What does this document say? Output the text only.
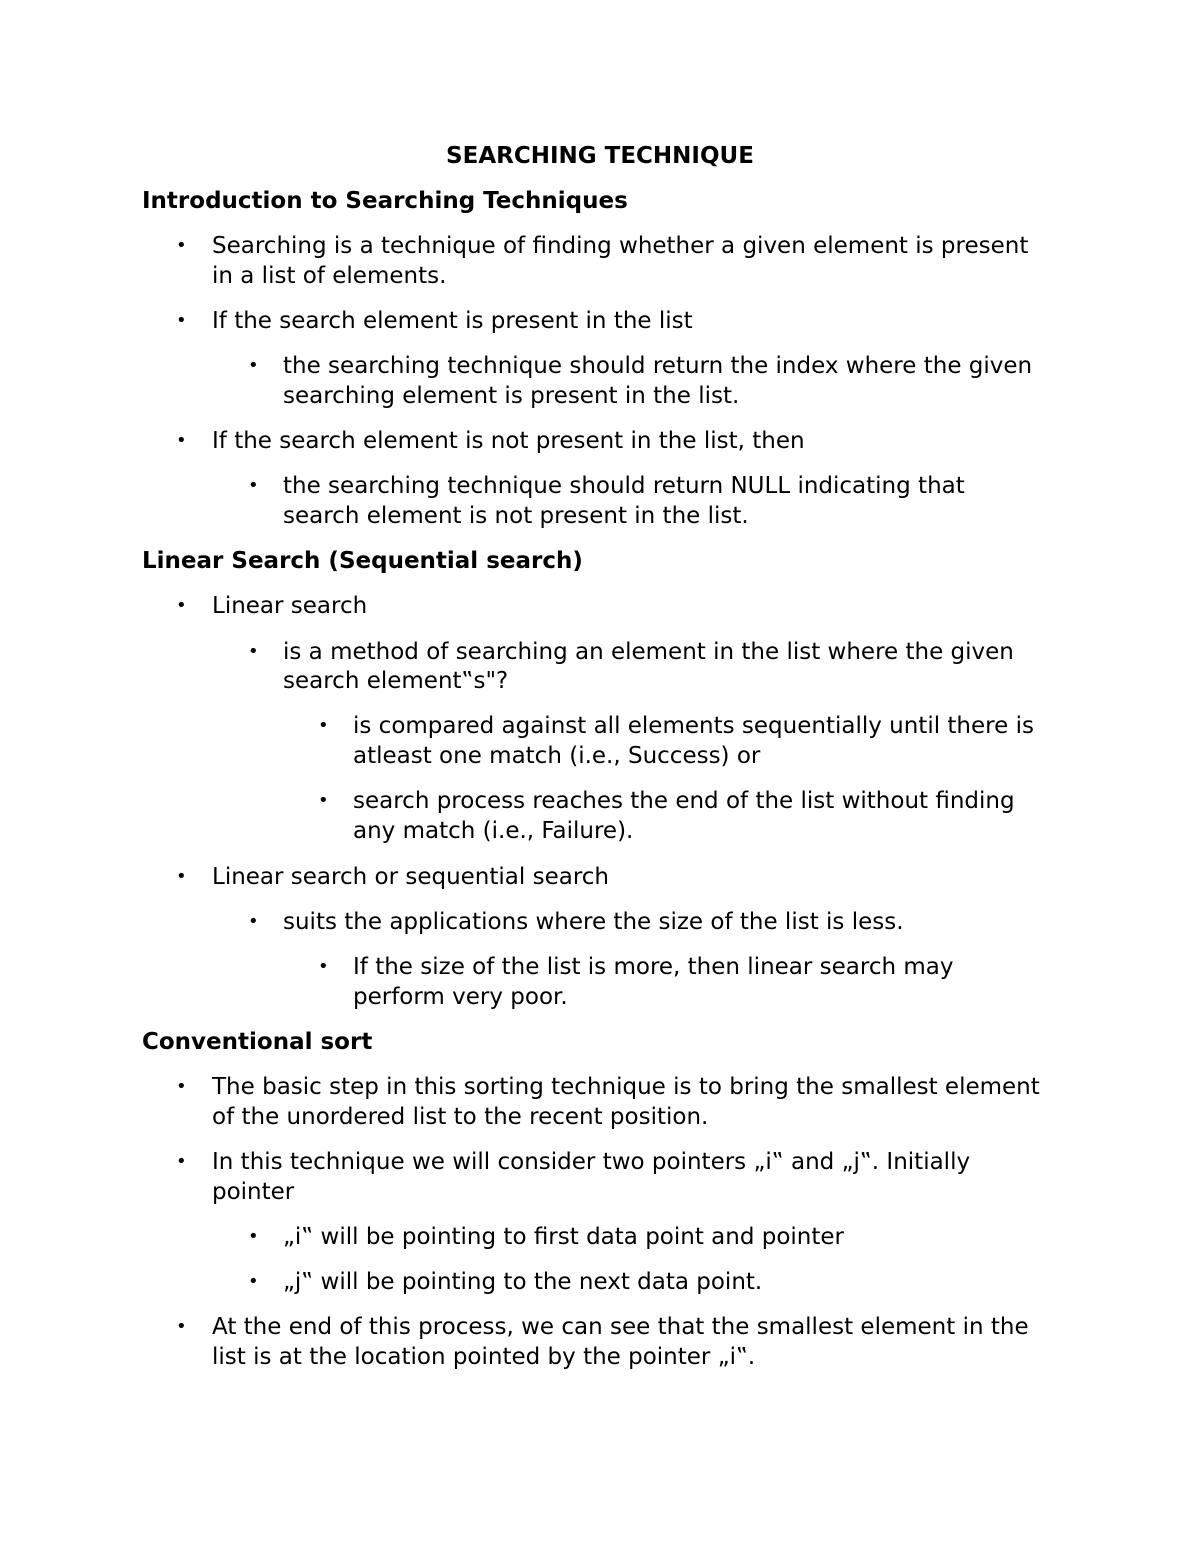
SEARCHING TECHNIQUE
Introduction to Searching Techniques
• Searching is a technique of finding whether a given element is present
in a list of elements.
• If the search element is present in the list
• the searching technique should return the index where the given
searching element is present in the list.
• If the search element is not present in the list, then
• the searching technique should return NULL indicating that
search element is not present in the list.
Linear Search (Sequential search)
• Linear search
• is a method of searching an element in the list where the given
search element‟s"?
• is compared against all elements sequentially until there is
atleast one match (i.e., Success) or
• search process reaches the end of the list without finding
any match (i.e., Failure).
• Linear search or sequential search
• suits the applications where the size of the list is less.
• If the size of the list is more, then linear search may
perform very poor.
Conventional sort
• The basic step in this sorting technique is to bring the smallest element
of the unordered list to the recent position.
• In this technique we will consider two pointers „i‟ and „j‟. Initially
pointer
• „i‟ will be pointing to first data point and pointer
• „j‟ will be pointing to the next data point.
• At the end of this process, we can see that the smallest element in the
list is at the location pointed by the pointer „i‟.
